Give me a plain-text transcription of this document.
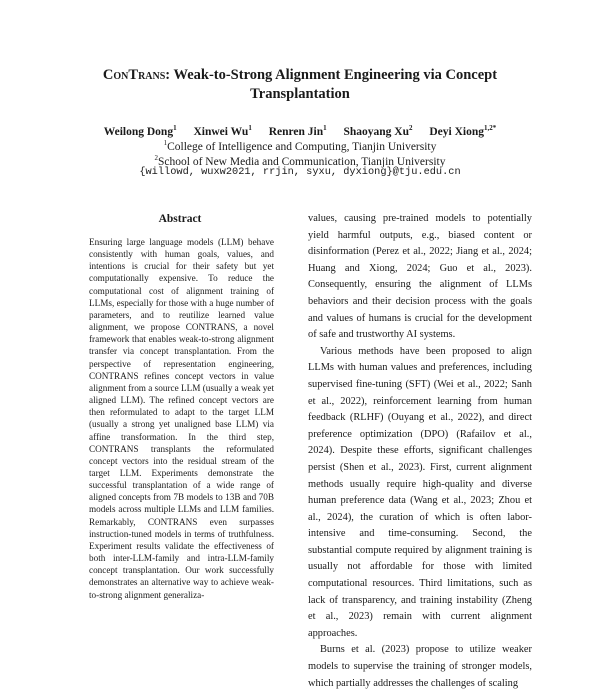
ConTrans: Weak-to-Strong Alignment Engineering via Concept Transplantation
Weilong Dong$^1$ Xinwei Wu$^1$ Renren Jin$^1$ Shaoyang Xu$^2$ Deyi Xiong$^{1,2*}$
$^1$College of Intelligence and Computing, Tianjin University
$^2$School of New Media and Communication, Tianjin University
{willowd, wuxw2021, rrjin, syxu, dyxiong}@tju.edu.cn
Abstract
Ensuring large language models (LLM) behave consistently with human goals, values, and intentions is crucial for their safety but yet computationally expensive. To reduce the computational cost of alignment training of LLMs, especially for those with a huge number of parameters, and to reutilize learned value alignment, we propose CONTRANS, a novel framework that enables weak-to-strong alignment transfer via concept transplantation. From the perspective of representation engineering, CONTRANS refines concept vectors in value alignment from a source LLM (usually a weak yet aligned LLM). The refined concept vectors are then reformulated to adapt to the target LLM (usually a strong yet unaligned base LLM) via affine transformation. In the third step, CONTRANS transplants the reformulated concept vectors into the residual stream of the target LLM. Experiments demonstrate the successful transplantation of a wide range of aligned concepts from 7B models to 13B and 70B models across multiple LLMs and LLM families. Remarkably, CONTRANS even surpasses instruction-tuned models in terms of truthfulness. Experiment results validate the effectiveness of both inter-LLM-family and intra-LLM-family concept transplantation. Our work successfully demonstrates an alternative way to achieve weak-to-strong alignment generaliza-

values, causing pre-trained models to potentially yield harmful outputs, e.g., biased content or disinformation (Perez et al., 2022; Jiang et al., 2024; Huang and Xiong, 2024; Guo et al., 2023). Consequently, ensuring the alignment of LLMs behaviors and their decision process with the goals and values of humans is crucial for the development of safe and trustworthy AI systems.

Various methods have been proposed to align LLMs with human values and preferences, including supervised fine-tuning (SFT) (Wei et al., 2022; Sanh et al., 2022), reinforcement learning from human feedback (RLHF) (Ouyang et al., 2022), and direct preference optimization (DPO) (Rafailov et al., 2024). Despite these efforts, significant challenges persist (Shen et al., 2023). First, current alignment methods usually require high-quality and diverse human preference data (Wang et al., 2023; Zhou et al., 2024), the curation of which is often labor-intensive and time-consuming. Second, the substantial compute required by alignment training is usually not affordable for those with limited computational resources. Third limitations, such as lack of transparency, and training instability (Zheng et al., 2023) remain with current alignment approaches.

Burns et al. (2023) propose to utilize weaker models to supervise the training of stronger models, which partially addresses the challenges of scaling
